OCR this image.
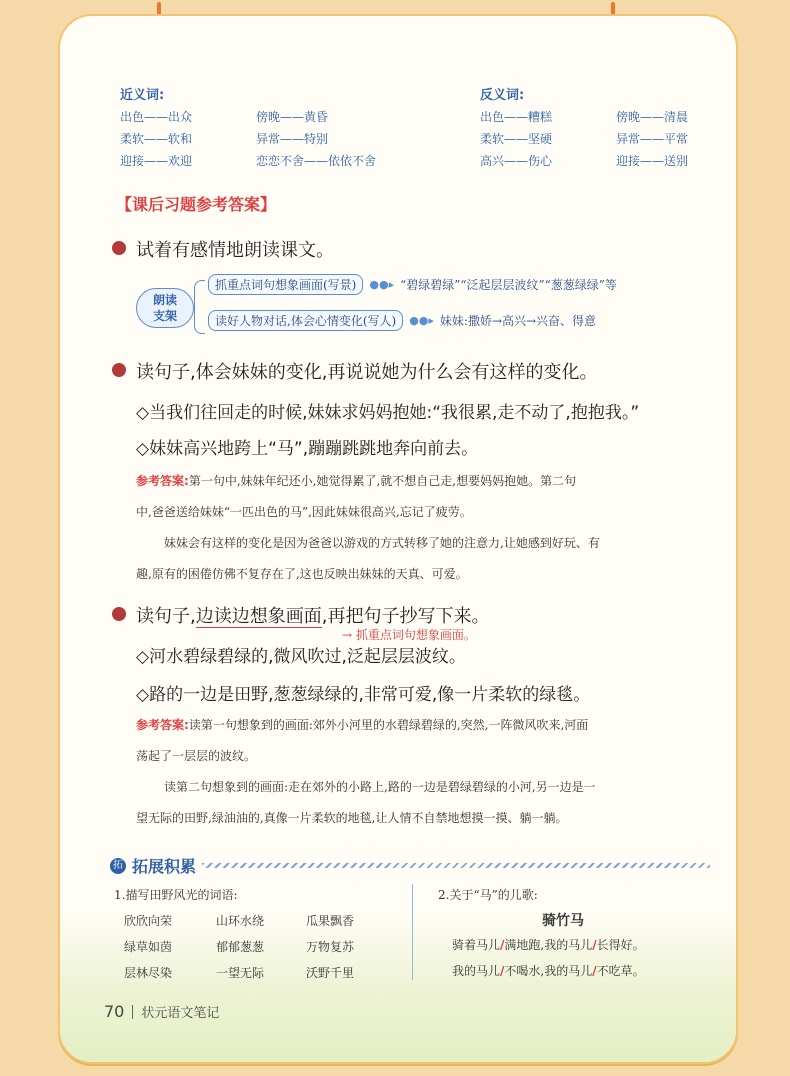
近义词:
出色——出众	傍晚——黄昏
柔软——软和	异常——特别
迎接——欢迎	恋恋不舍——依依不舍
反义词:
出色——糟糕	傍晚——清晨
柔软——坚硬	异常——平常
高兴——伤心	迎接——送别
【课后习题参考答案】
试着有感情地朗读课文。
朗读
支架
抓重点词句想象画面(写景)	●●▸ “碧绿碧绿”“泛起层层波纹”“葱葱绿绿”等
读好人物对话,体会心情变化(写人)	●●▸ 妹妹:撒娇→高兴→兴奋、得意
读句子,体会妹妹的变化,再说说她为什么会有这样的变化。
◇当我们往回走的时候,妹妹求妈妈抱她:“我很累,走不动了,抱抱我。”
◇妹妹高兴地跨上“马”,蹦蹦跳跳地奔向前去。
参考答案:第一句中,妹妹年纪还小,她觉得累了,就不想自己走,想要妈妈抱她。第二句
中,爸爸送给妹妹“一匹出色的马”,因此妹妹很高兴,忘记了疲劳。
妹妹会有这样的变化是因为爸爸以游戏的方式转移了她的注意力,让她感到好玩、有
趣,原有的困倦仿佛不复存在了,这也反映出妹妹的天真、可爱。
读句子,边读边想象画面,再把句子抄写下来。
→ 抓重点词句想象画面。
◇河水碧绿碧绿的,微风吹过,泛起层层波纹。
◇路的一边是田野,葱葱绿绿的,非常可爱,像一片柔软的绿毯。
参考答案:读第一句想象到的画面:郊外小河里的水碧绿碧绿的,突然,一阵微风吹来,河面
荡起了一层层的波纹。
读第二句想象到的画面:走在郊外的小路上,路的一边是碧绿碧绿的小河,另一边是一
望无际的田野,绿油油的,真像一片柔软的地毯,让人情不自禁地想摸一摸、躺一躺。
拓 拓展积累
1.描写田野风光的词语:
欣欣向荣	山环水绕	瓜果飘香
绿草如茵	郁郁葱葱	万物复苏
层林尽染	一望无际	沃野千里
2.关于“马”的儿歌:
骑竹马
骑着马儿/满地跑,我的马儿/长得好。
我的马儿/不喝水,我的马儿/不吃草。
70 状元语文笔记
